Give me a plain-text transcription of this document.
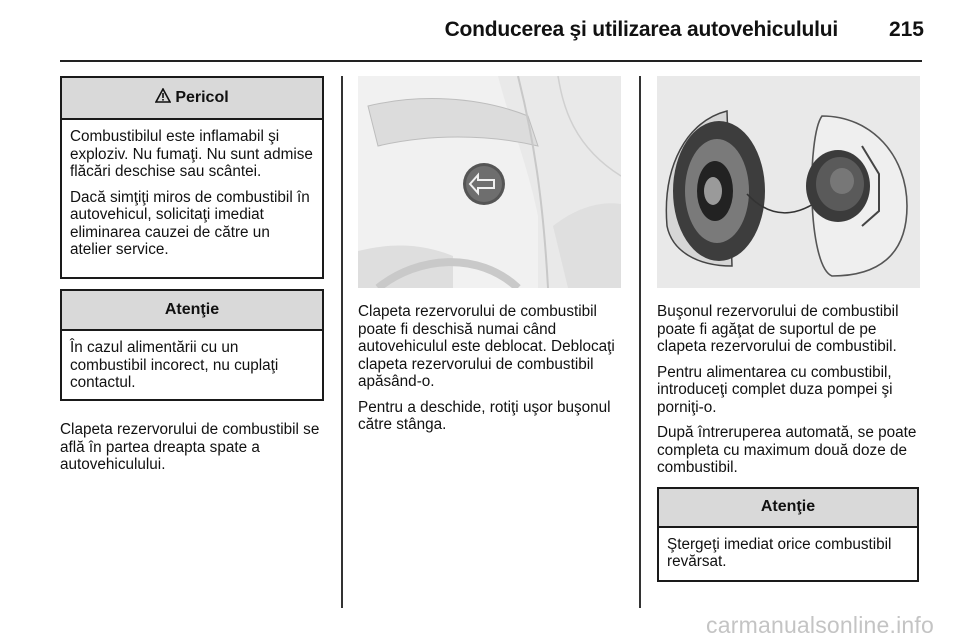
Conducerea şi utilizarea autovehiculului 215
Pericol

Combustibilul este inflamabil şi exploziv. Nu fumaţi. Nu sunt admise flăcări deschise sau scântei.

Dacă simţiţi miros de combustibil în autovehicul, solicitaţi imediat eliminarea cauzei de către un atelier service.

Atenţie

În cazul alimentării cu un combustibil incorect, nu cuplaţi contactul.

Clapeta rezervorului de combustibil se află în partea dreapta spate a autovehiculului.

Clapeta rezervorului de combustibil poate fi deschisă numai când autovehiculul este deblocat. Deblocaţi clapeta rezervorului de combustibil apăsând-o.

Pentru a deschide, rotiţi uşor buşonul către stânga.

Buşonul rezervorului de combustibil poate fi agăţat de suportul de pe clapeta rezervorului de combustibil.

Pentru alimentarea cu combustibil, introduceţi complet duza pompei şi porniţi-o.

După întreruperea automată, se poate completa cu maximum două doze de combustibil.

Atenţie

Ştergeţi imediat orice combustibil revărsat.

carmanualsonline.info
